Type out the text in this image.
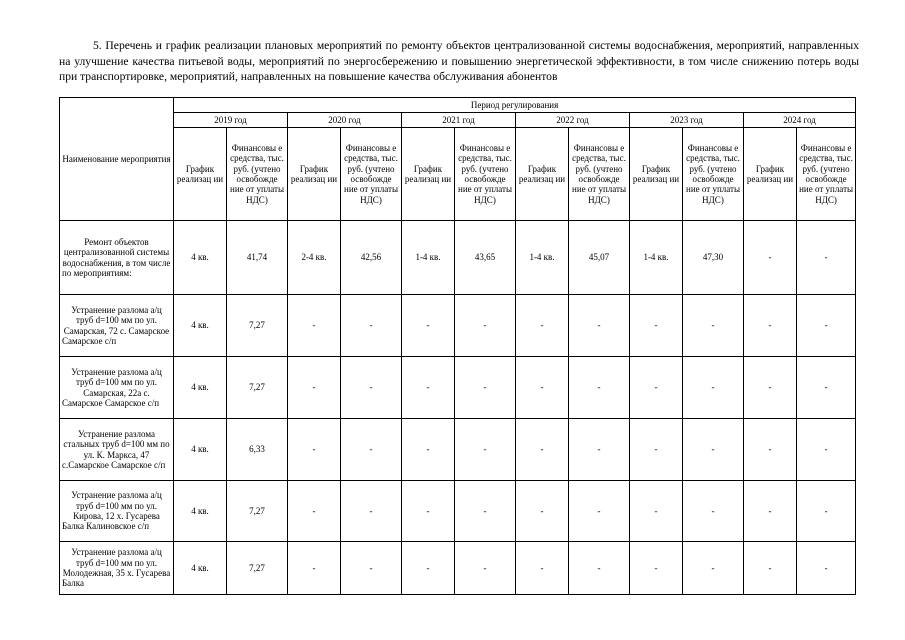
5. Перечень и график реализации плановых мероприятий по ремонту объектов централизованной системы водоснабжения, мероприятий, направленных на улучшение качества питьевой воды, мероприятий по энергосбережению и повышению энергетической эффективности, в том числе снижению потерь воды при транспортировке, мероприятий, направленных на повышение качества обслуживания абонентов

Наименование мероприятия	Период регулирования											
	2019 год		2020 год		2021 год		2022 год		2023 год		2024 год	
	График реализац ии	Финансовы е средства, тыс. руб. (учтено освобожде ние от уплаты НДС)	График реализац ии	Финансовы е средства, тыс. руб. (учтено освобожде ние от уплаты НДС)	График реализац ии	Финансовы е средства, тыс. руб. (учтено освобожде ние от уплаты НДС)	График реализац ии	Финансовы е средства, тыс. руб. (учтено освобожде ние от уплаты НДС)	График реализац ии	Финансовы е средства, тыс. руб. (учтено освобожде ние от уплаты НДС)	График реализац ии	Финансовы е средства, тыс. руб. (учтено освобожде ние от уплаты НДС)
Ремонт объектов централизованной системы водоснабжения, в том числе по мероприятиям:	4 кв.	41,74	2-4 кв.	42,56	1-4 кв.	43,65	1-4 кв.	45,07	1-4 кв.	47,30	-	-
Устранение разлома а/ц труб d=100 мм по ул. Самарская, 72 с. Самарское Самарское с/п	4 кв.	7,27	-	-	-	-	-	-	-	-	-	-
Устранение разлома а/ц труб d=100 мм по ул. Самарская, 22а с. Самарское Самарское с/п	4 кв.	7,27	-	-	-	-	-	-	-	-	-	-
Устранение разлома стальных труб d=100 мм по ул. К. Маркса, 47 с.Самарское Самарское с/п	4 кв.	6,33	-	-	-	-	-	-	-	-	-	-
Устранение разлома а/ц труб d=100 мм по ул. Кирова, 12 х. Гусарева Балка Калиновское с/п	4 кв.	7,27	-	-	-	-	-	-	-	-	-	-
Устранение разлома а/ц труб d=100 мм по ул. Молодежная, 35 х. Гусарева Балка	4 кв.	7,27	-	-	-	-	-	-	-	-	-	-
